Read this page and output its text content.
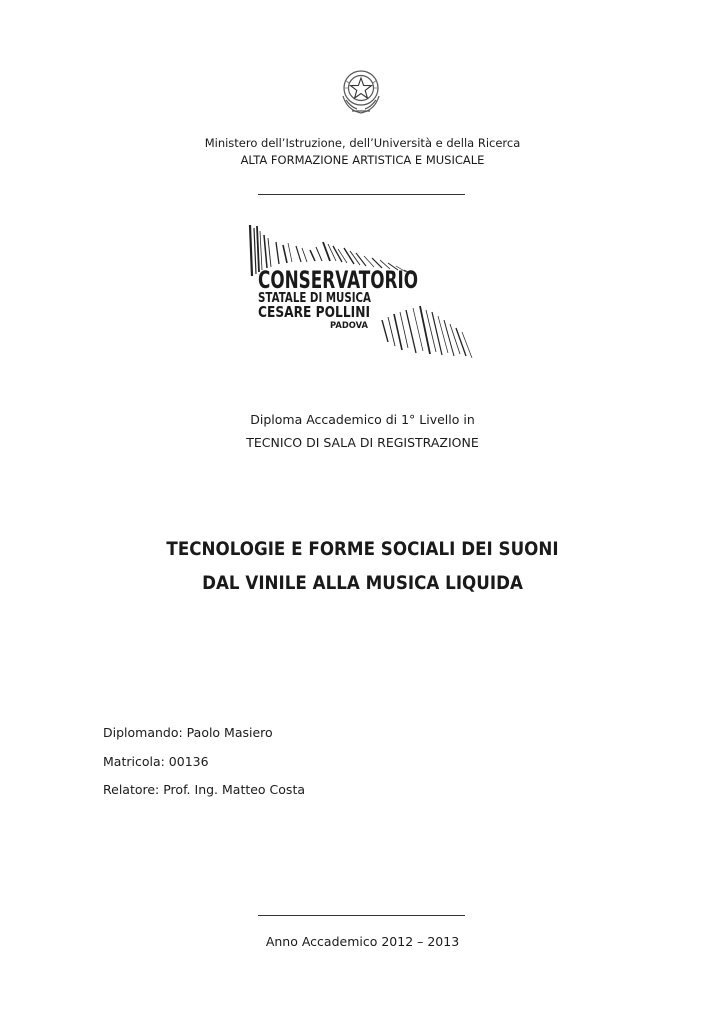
Ministero dell’Istruzione, dell’Università e della Ricerca
ALTA FORMAZIONE ARTISTICA E MUSICALE
CONSERVATORIO
STATALE DI MUSICA
CESARE POLLINI
PADOVA
Diploma Accademico di 1° Livello in
TECNICO DI SALA DI REGISTRAZIONE
TECNOLOGIE E FORME SOCIALI DEI SUONI
DAL VINILE ALLA MUSICA LIQUIDA
Diplomando: Paolo Masiero
Matricola: 00136
Relatore: Prof. Ing. Matteo Costa
Anno Accademico 2012 – 2013
